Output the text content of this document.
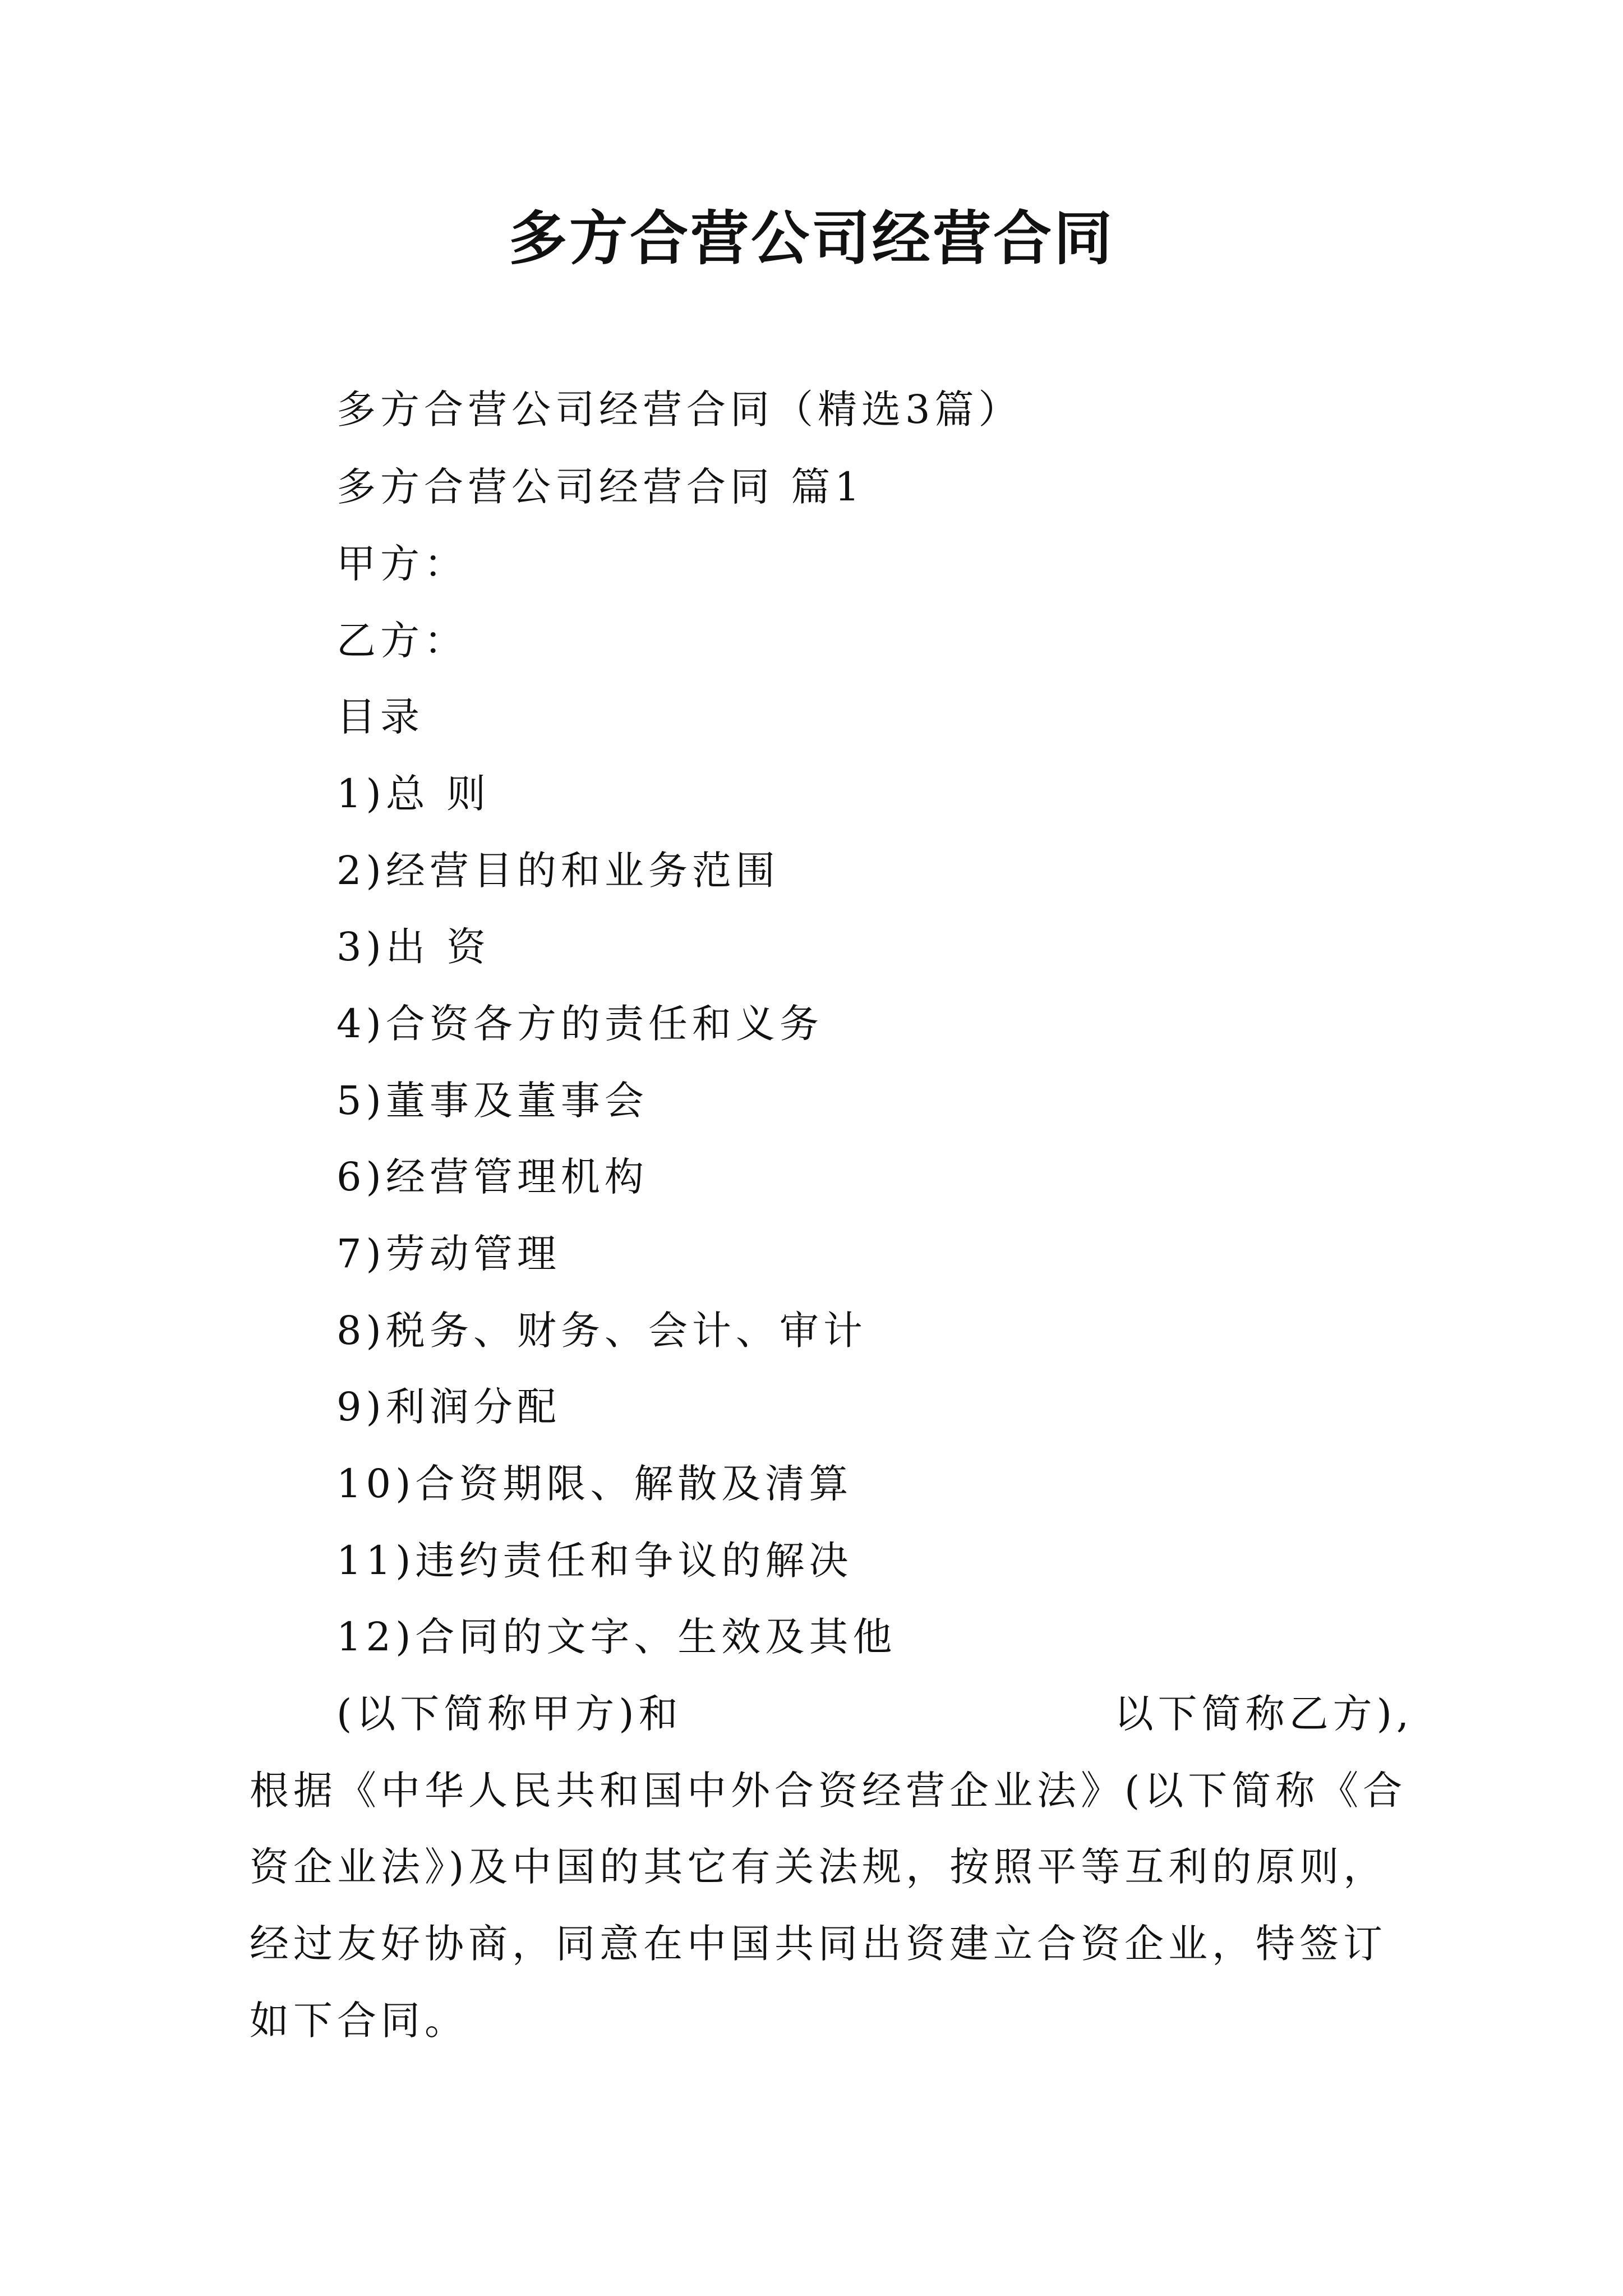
多方合营公司经营合同
多方合营公司经营合同（精选3篇）
多方合营公司经营合同 篇1
甲方：
乙方：
目录
1)总 则
2)经营目的和业务范围
3)出 资
4)合资各方的责任和义务
5)董事及董事会
6)经营管理机构
7)劳动管理
8)税务、财务、会计、审计
9)利润分配
10)合资期限、解散及清算
11)违约责任和争议的解决
12)合同的文字、生效及其他
(以下简称甲方)和	以下简称乙方),
根据《中华人民共和国中外合资经营企业法》(以下简称《合
资企业法》)及中国的其它有关法规，按照平等互利的原则，
经过友好协商，同意在中国共同出资建立合资企业，特签订
如下合同。
